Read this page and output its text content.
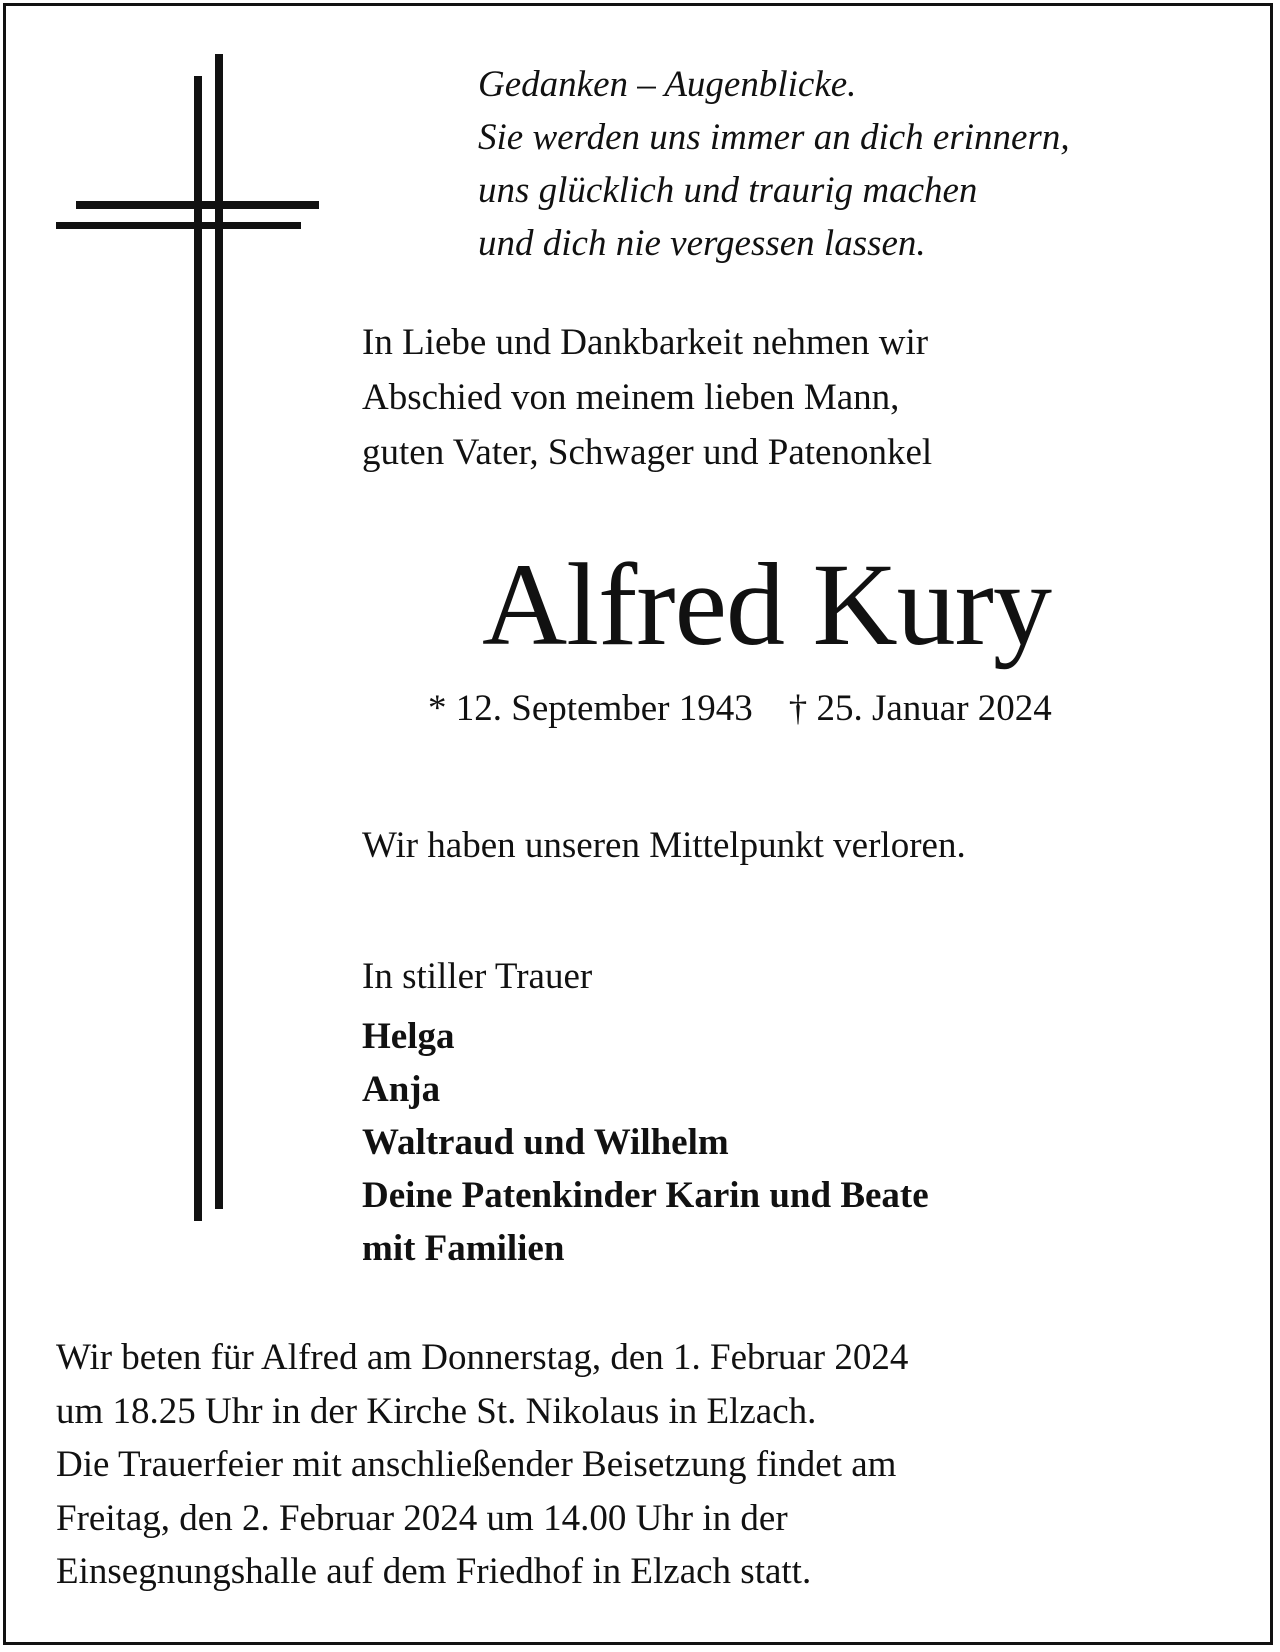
Gedanken – Augenblicke.
Sie werden uns immer an dich erinnern,
uns glücklich und traurig machen
und dich nie vergessen lassen.
In Liebe und Dankbarkeit nehmen wir
Abschied von meinem lieben Mann,
guten Vater, Schwager und Patenonkel
Alfred Kury
* 12. September 1943 † 25. Januar 2024
Wir haben unseren Mittelpunkt verloren.
In stiller Trauer
Helga
Anja
Waltraud und Wilhelm
Deine Patenkinder Karin und Beate
mit Familien
Wir beten für Alfred am Donnerstag, den 1. Februar 2024
um 18.25 Uhr in der Kirche St. Nikolaus in Elzach.
Die Trauerfeier mit anschließender Beisetzung findet am
Freitag, den 2. Februar 2024 um 14.00 Uhr in der
Einsegnungshalle auf dem Friedhof in Elzach statt.
